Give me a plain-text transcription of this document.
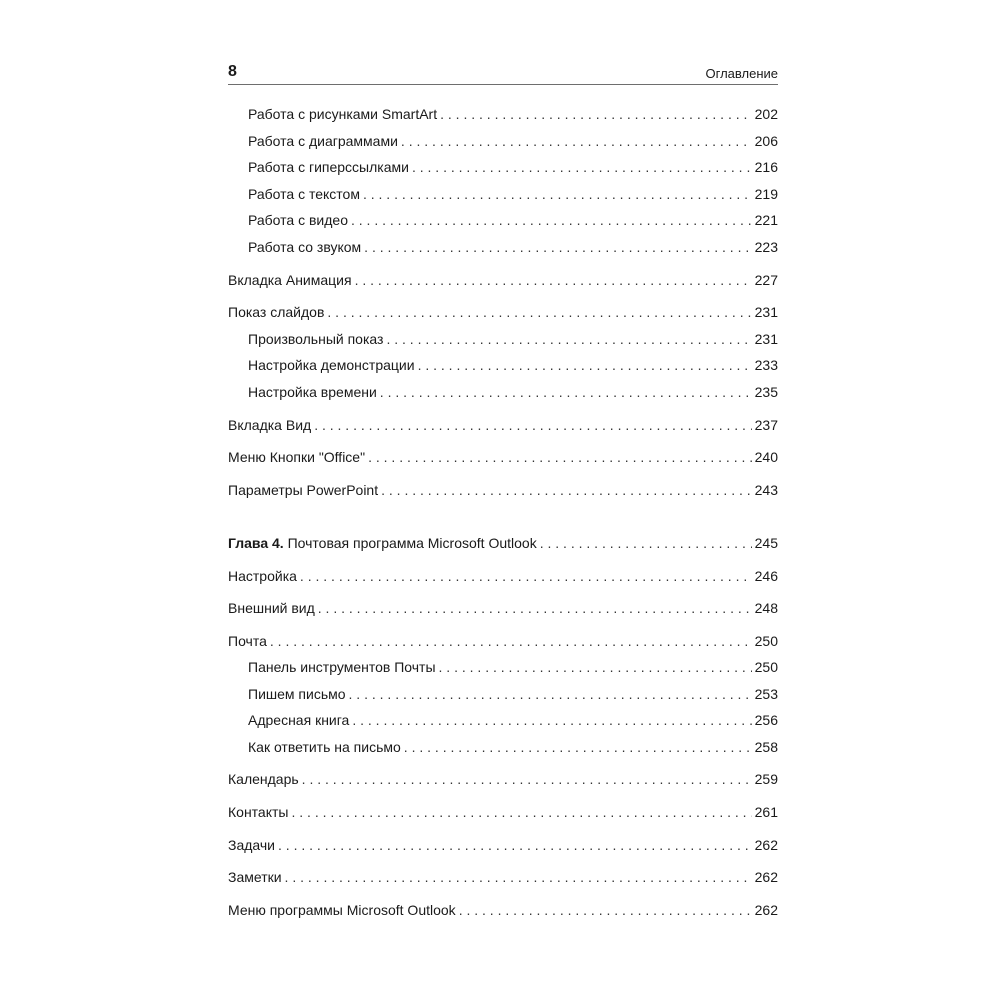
8	Оглавление
Работа с рисунками SmartArt . . .	202
Работа с диаграммами . . .	206
Работа с гиперссылками . . .	216
Работа с текстом . . .	219
Работа с видео . . .	221
Работа со звуком . . .	223
Вкладка Анимация . . .	227
Показ слайдов . . .	231
Произвольный показ . . .	231
Настройка демонстрации . . .	233
Настройка времени . . .	235
Вкладка Вид . . .	237
Меню Кнопки "Office" . . .	240
Параметры PowerPoint . . .	243
Глава 4. Почтовая программа Microsoft Outlook . . .	245
Настройка . . .	246
Внешний вид . . .	248
Почта . . .	250
Панель инструментов Почты . . .	250
Пишем письмо . . .	253
Адресная книга . . .	256
Как ответить на письмо . . .	258
Календарь . . .	259
Контакты . . .	261
Задачи . . .	262
Заметки . . .	262
Меню программы Microsoft Outlook . . .	262
